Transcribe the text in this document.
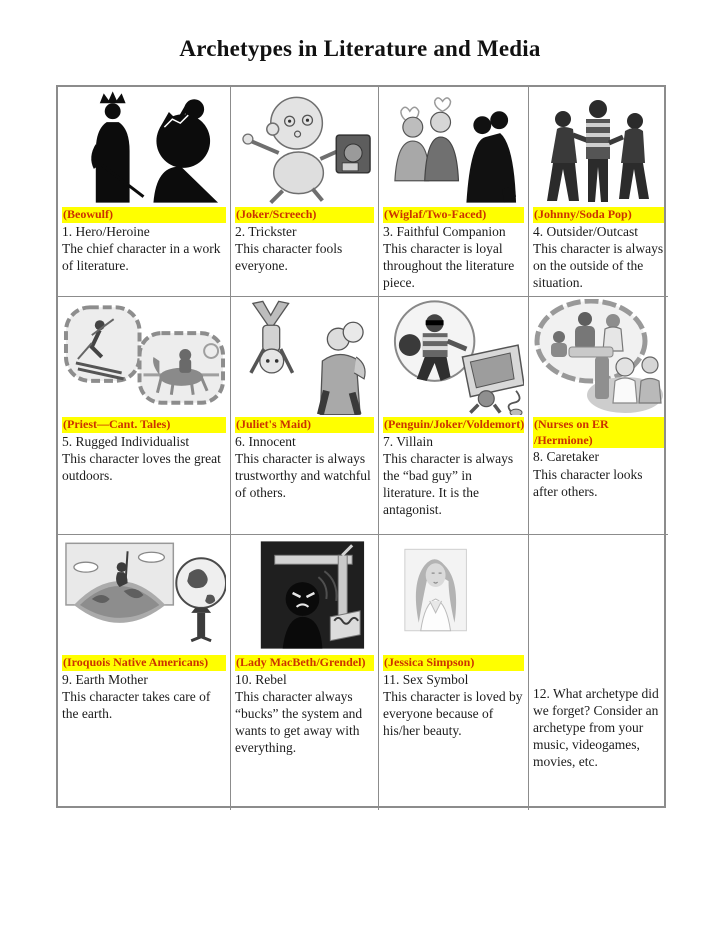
Archetypes in Literature and Media
(Beowulf)
1. Hero/Heroine
The chief character in a work of literature.
(Joker/Screech)
2. Trickster
This character fools everyone.
(Wiglaf/Two-Faced)
3. Faithful Companion
This character is loyal throughout the literature piece.
(Johnny/Soda Pop)
4. Outsider/Outcast
This character is always on the outside of the situation.
(Priest—Cant. Tales)
5. Rugged Individualist
This character loves the great outdoors.
(Juliet's Maid)
6. Innocent
This character is always trustworthy and watchful of others.
(Penguin/Joker/Voldemort)
7. Villain
This character is always the “bad guy” in literature. It is the antagonist.
(Nurses on ER /Hermione)
8. Caretaker
This character looks after others.
(Iroquois Native Americans)
9. Earth Mother
This character takes care of the earth.
(Lady MacBeth/Grendel)
10. Rebel
This character always “bucks” the system and wants to get away with everything.
(Jessica Simpson)
11. Sex Symbol
This character is loved by everyone because of his/her beauty.
12. What archetype did we forget? Consider an archetype from your music, videogames, movies, etc.
